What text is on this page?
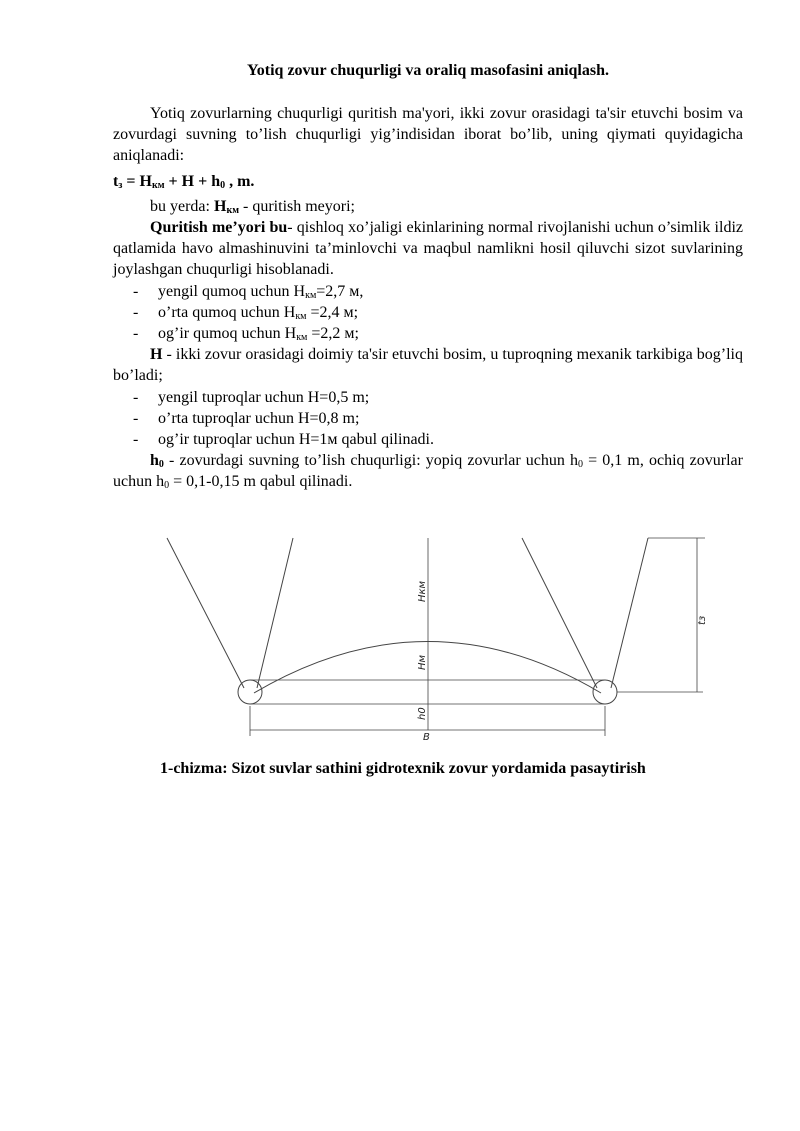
Yotiq zovur chuqurligi va oraliq masofasini aniqlash.

Yotiq zovurlarning chuqurligi quritish ma'yori, ikki zovur orasidagi ta'sir etuvchi bosim va zovurdagi suvning to’lish chuqurligi yig’indisidan iborat bo’lib, uning qiymati quyidagicha aniqlanadi:

$t_з = H_{км} + H + h_0$ , m.

bu yerda: $H_{км}$ - quritish meyori;

Quritish me’yori bu- qishloq xo’jaligi ekinlarining normal rivojlanishi uchun o’simlik ildiz qatlamida havo almashinuvini ta’minlovchi va maqbul namlikni hosil qiluvchi sizot suvlarining joylashgan chuqurligi hisoblanadi.

-	yengil qumoq uchun $H_{км}=2,7$ м,
-	o’rta qumoq uchun $H_{км} =2,4$ м;
-	og’ir qumoq uchun $H_{км} =2,2$ м;

H - ikki zovur orasidagi doimiy ta'sir etuvchi bosim, u tuproqning mexanik tarkibiga bog’liq bo’ladi;

-	yengil tuproqlar uchun H=0,5 m;
-	o’rta tuproqlar uchun H=0,8 m;
-	og’ir tuproqlar uchun H=1м qabul qilinadi.

$h_0$ - zovurdagi suvning to’lish chuqurligi: yopiq zovurlar uchun $h_0 = 0,1$ m, ochiq zovurlar uchun $h_0 = 0,1-0,15$ m qabul qilinadi.

Hкм
Hм
h0
B
tз
1-chizma: Sizot suvlar sathini gidrotexnik zovur yordamida pasaytirish
